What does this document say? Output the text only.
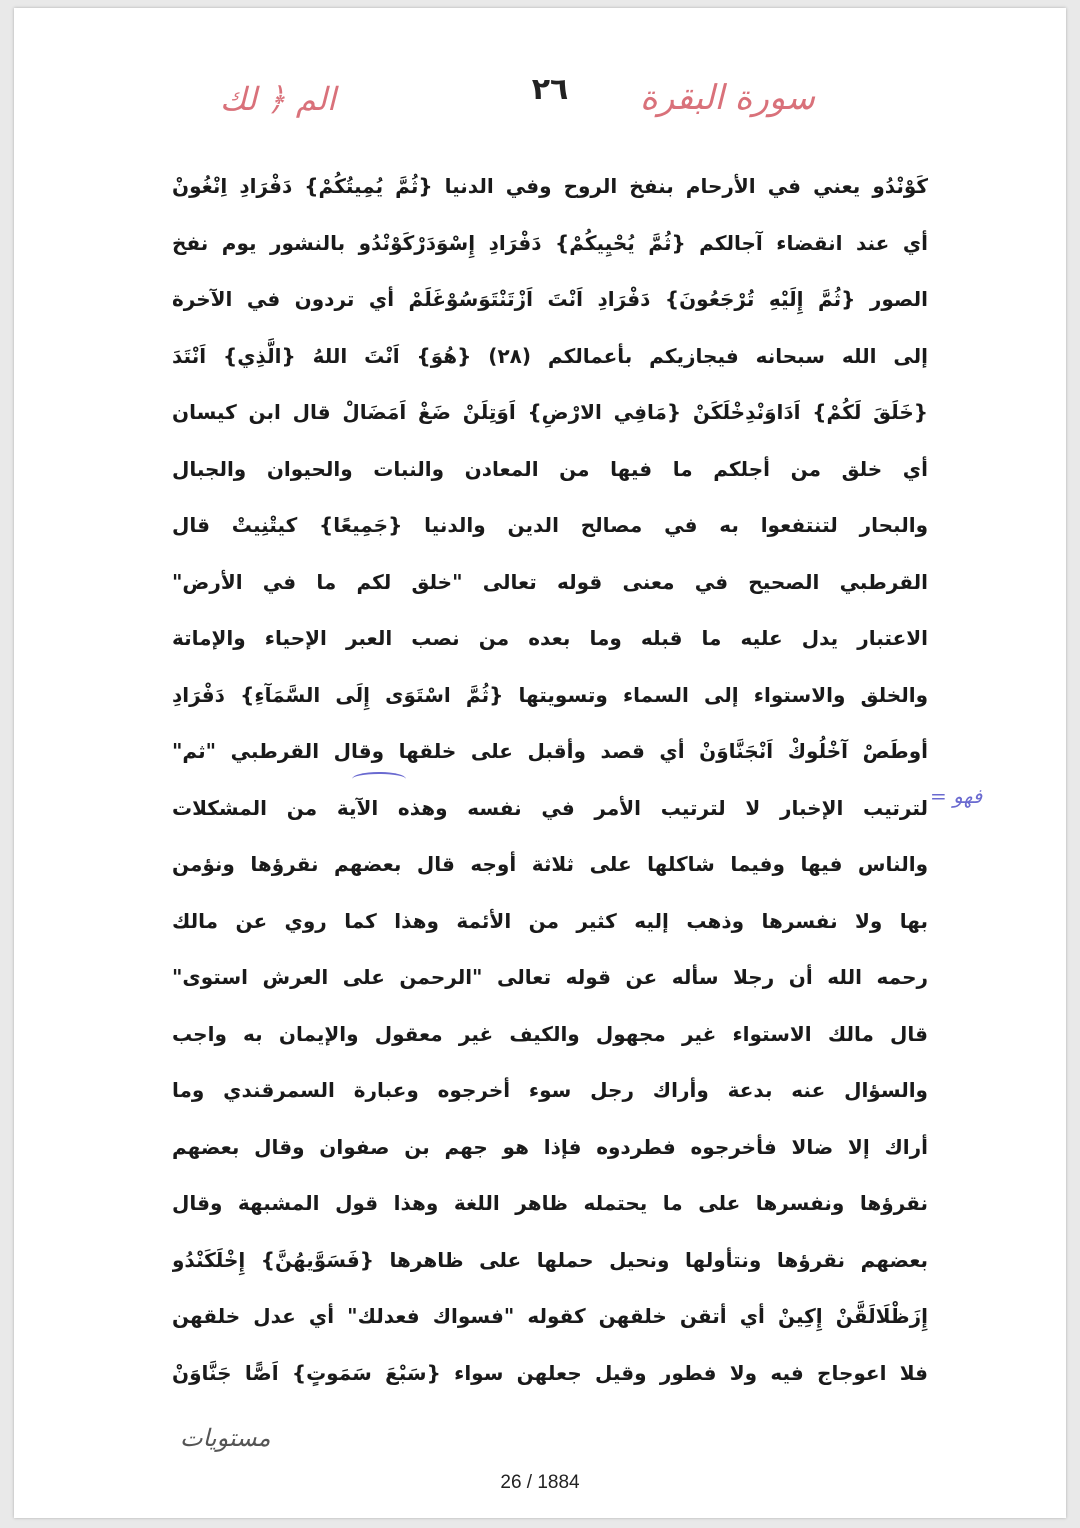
سورة البقرة
٢٦
الم ﴿ لك
كَوْنْدُو يعني في الأرحام بنفخ الروح وفي الدنيا {ثُمَّ يُمِيتُكُمْ} دَفْرَادِ اِنْغُونْ
أي عند انقضاء آجالكم {ثُمَّ يُحْيِيكُمْ} دَفْرَادِ إِسْوَدَرْكَوْنْدُو بالنشور يوم نفخ
الصور {ثُمَّ إِلَيْهِ تُرْجَعُونَ} دَفْرَادِ اَنْتَ اَزْتَنْتَوَسُوْغَلَمْ أي تردون في الآخرة
إلى الله سبحانه فيجازيكم بأعمالكم (٢٨) {هُوَ} اَنْتَ اللهُ {الَّذِي} اَنْتَدَ
{خَلَقَ لَكُمْ} اَدَاوَنْدِخْلَكَنْ {مَافِي الارْضِ} اَوَتِلَنْ ضَغْ اَمَضَالْ قال ابن كيسان
أي خلق من أجلكم ما فيها من المعادن والنبات والحيوان والجبال
والبحار لتنتفعوا به في مصالح الدين والدنيا {جَمِيعًا} كيتْنِيتْ قال
القرطبي الصحيح في معنى قوله تعالى "خلق لكم ما في الأرض"
الاعتبار يدل عليه ما قبله وما بعده من نصب العبر الإحياء والإماتة
والخلق والاستواء إلى السماء وتسويتها {ثُمَّ اسْتَوَى إِلَى السَّمَآءِ} دَفْرَادِ
أوطَصْ آخْلُوكْ اَنْجَنَّاوَنْ أي قصد وأقبل على خلقها وقال القرطبي "ثم"
لترتيب الإخبار لا لترتيب الأمر في نفسه وهذه الآية من المشكلات
والناس فيها وفيما شاكلها على ثلاثة أوجه قال بعضهم نقرؤها ونؤمن
بها ولا نفسرها وذهب إليه كثير من الأئمة وهذا كما روي عن مالك
رحمه الله أن رجلا سأله عن قوله تعالى "الرحمن على العرش استوى"
قال مالك الاستواء غير مجهول والكيف غير معقول والإيمان به واجب
والسؤال عنه بدعة وأراك رجل سوء أخرجوه وعبارة السمرقندي وما
أراك إلا ضالا فأخرجوه فطردوه فإذا هو جهم بن صفوان وقال بعضهم
نقرؤها ونفسرها على ما يحتمله ظاهر اللغة وهذا قول المشبهة وقال
بعضهم نقرؤها ونتأولها ونحيل حملها على ظاهرها {فَسَوَّيهُنَّ} إِخْلَكَنْدُو
إِزَظْلَالَقَّنْ إِكِينْ أي أتقن خلقهن كقوله "فسواك فعدلك" أي عدل خلقهن
فلا اعوجاج فيه ولا فطور وقيل جعلهن سواء {سَبْعَ سَمَوتٍ} اَصًّا جَنَّاوَنْ
فهو =
مستويات
26 / 1884
